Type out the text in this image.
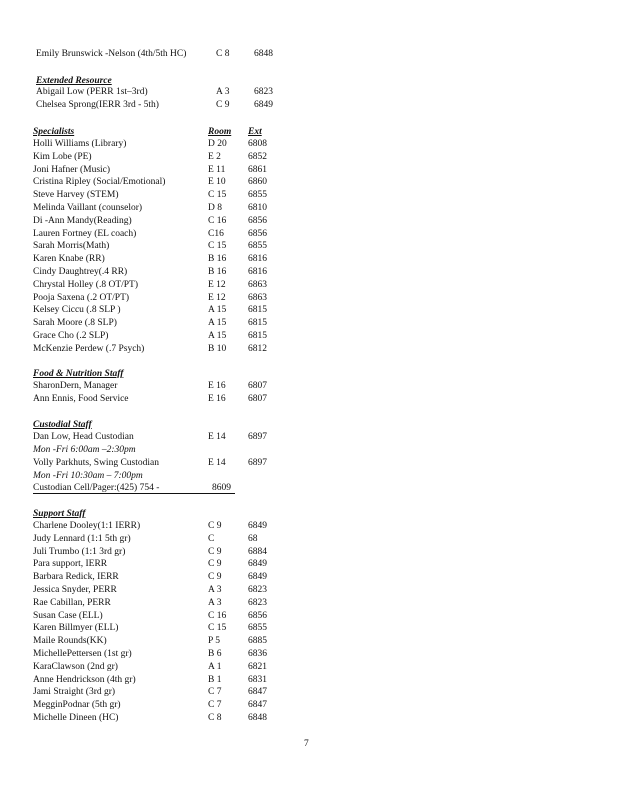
Emily Brunswick -Nelson (4th/5th HC)	C 8	6848
Extended Resource
Abigail Low (PERR 1st–3rd)	A 3	6823
Chelsea Sprong(IERR 3rd - 5th)	C 9	6849
Specialists	Room Ext
Holli Williams (Library)	D 20 6808
Kim Lobe (PE)	E 2	6852
Joni Hafner (Music)	E 11 6861
Cristina Ripley (Social/Emotional)	E 10 6860
Steve Harvey (STEM)	C 15 6855
Melinda Vaillant (counselor)	D 8	6810
Di -Ann Mandy(Reading)	C 16 6856
Lauren Fortney (EL coach)	C16	6856
Sarah Morris(Math)	C 15 6855
Karen Knabe (RR)	B 16 6816
Cindy Daughtrey(.4 RR)	B 16 6816
Chrystal Holley (.8 OT/PT)	E 12 6863
Pooja Saxena (.2 OT/PT)	E 12 6863
Kelsey Ciccu (.8 SLP )	A 15 6815
Sarah Moore (.8 SLP)	A 15 6815
Grace Cho (.2 SLP)	A 15 6815
McKenzie Perdew (.7 Psych)	B 10 6812
Food & Nutrition Staff
SharonDern, Manager	E 16 6807
Ann Ennis, Food Service	E 16 6807
Custodial Staff
Dan Low, Head Custodian	E 14 6897
Mon -Fri 6:00am –2:30pm
Volly Parkhuts, Swing Custodian	E 14 6897
Mon -Fri 10:30am – 7:00pm
Custodian Cell/Pager:(425) 754 -	8609
Support Staff
Charlene Dooley(1:1 IERR)	C 9	6849
Judy Lennard (1:1 5th gr)	C	68
Juli Trumbo (1:1 3rd gr)	C 9	6884
Para support, IERR	C 9	6849
Barbara Redick, IERR	C 9	6849
Jessica Snyder, PERR	A 3	6823
Rae Cabillan, PERR	A 3	6823
Susan Case (ELL)	C 16 6856
Karen Billmyer (ELL)	C 15 6855
Maile Rounds(KK)	P 5	6885
MichellePettersen (1st gr)	B 6	6836
KaraClawson (2nd gr)	A 1	6821
Anne Hendrickson (4th gr)	B 1	6831
Jami Straight (3rd gr)	C 7	6847
MegginPodnar (5th gr)	C 7	6847
Michelle Dineen (HC)	C 8	6848
7
